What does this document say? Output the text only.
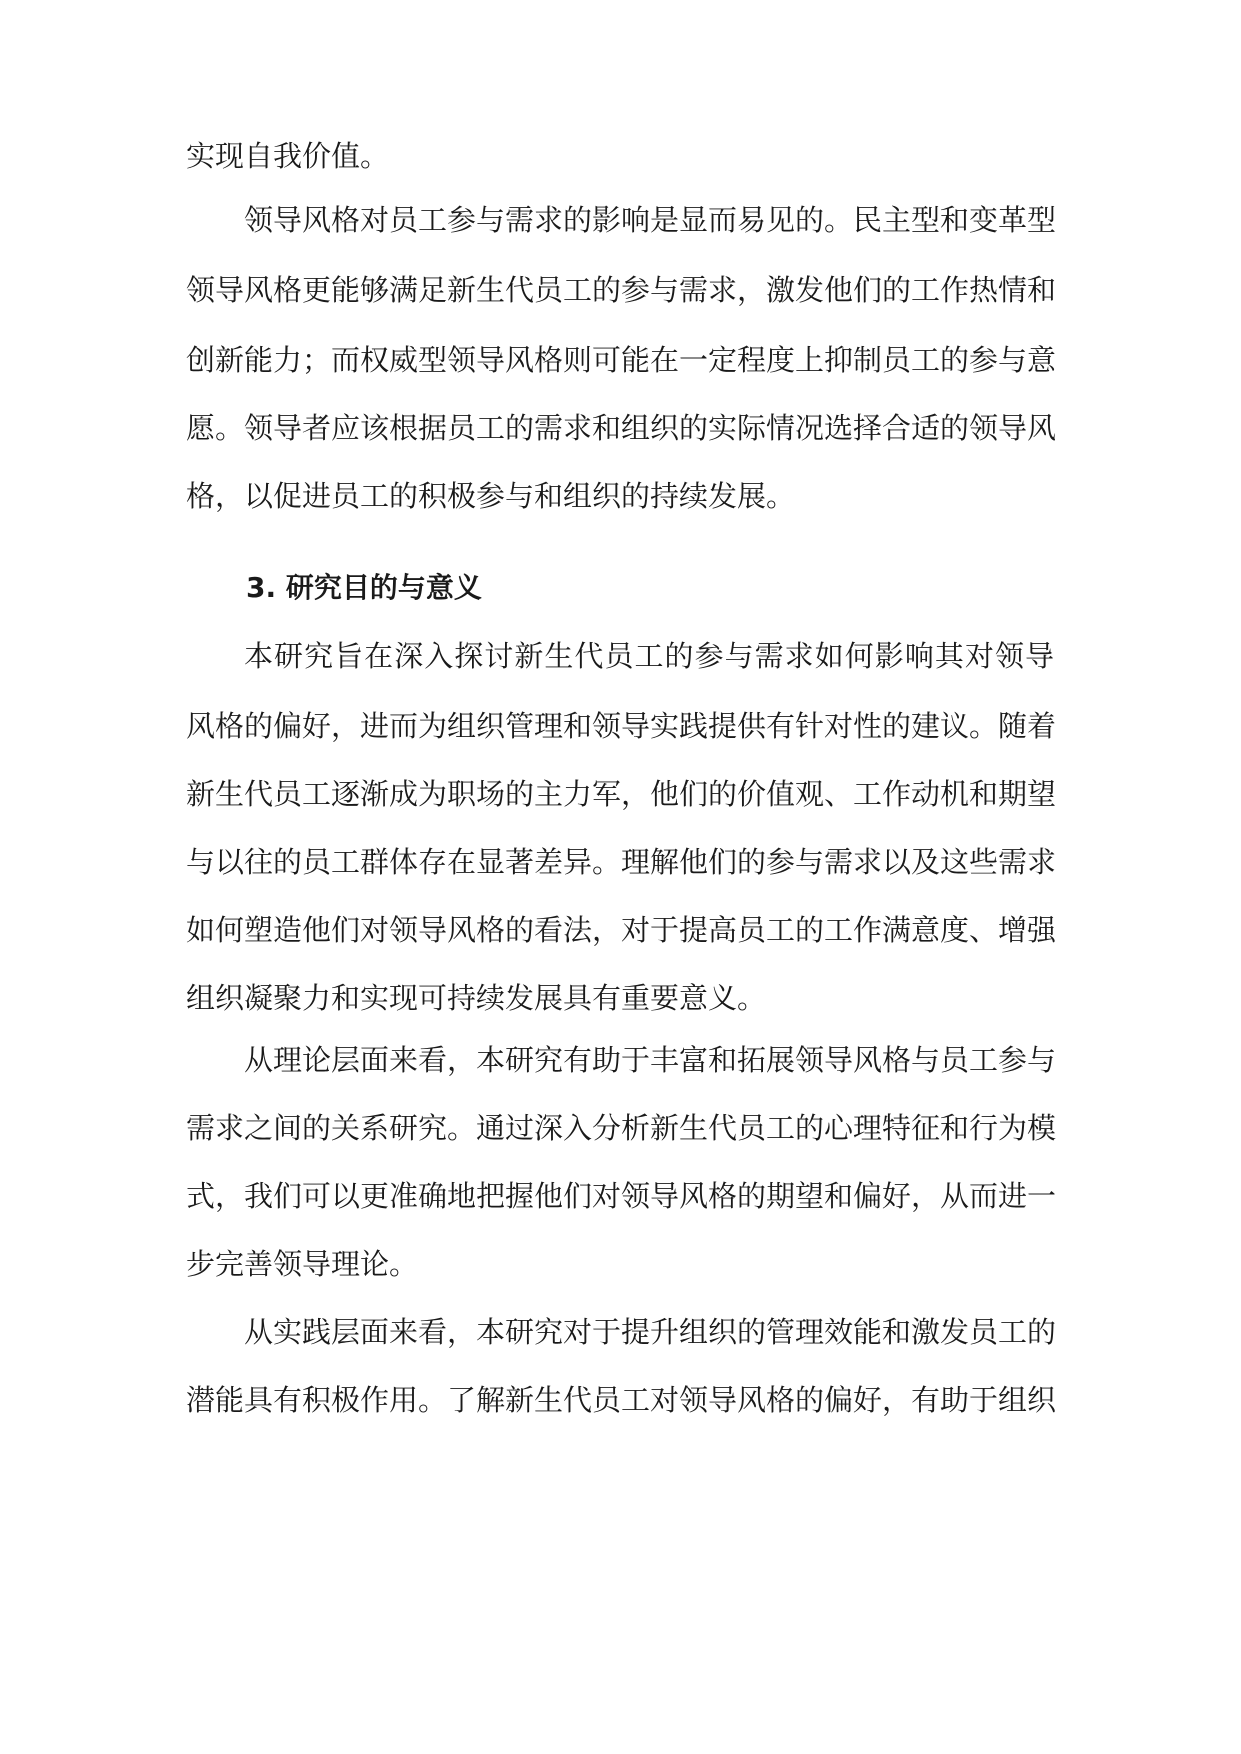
实现自我价值。
领导风格对员工参与需求的影响是显而易见的。民主型和变革型
领导风格更能够满足新生代员工的参与需求，激发他们的工作热情和
创新能力；而权威型领导风格则可能在一定程度上抑制员工的参与意
愿。领导者应该根据员工的需求和组织的实际情况选择合适的领导风
格，以促进员工的积极参与和组织的持续发展。
3. 研究目的与意义
本研究旨在深入探讨新生代员工的参与需求如何影响其对领导
风格的偏好，进而为组织管理和领导实践提供有针对性的建议。随着
新生代员工逐渐成为职场的主力军，他们的价值观、工作动机和期望
与以往的员工群体存在显著差异。理解他们的参与需求以及这些需求
如何塑造他们对领导风格的看法，对于提高员工的工作满意度、增强
组织凝聚力和实现可持续发展具有重要意义。
从理论层面来看，本研究有助于丰富和拓展领导风格与员工参与
需求之间的关系研究。通过深入分析新生代员工的心理特征和行为模
式，我们可以更准确地把握他们对领导风格的期望和偏好，从而进一
步完善领导理论。
从实践层面来看，本研究对于提升组织的管理效能和激发员工的
潜能具有积极作用。了解新生代员工对领导风格的偏好，有助于组织
